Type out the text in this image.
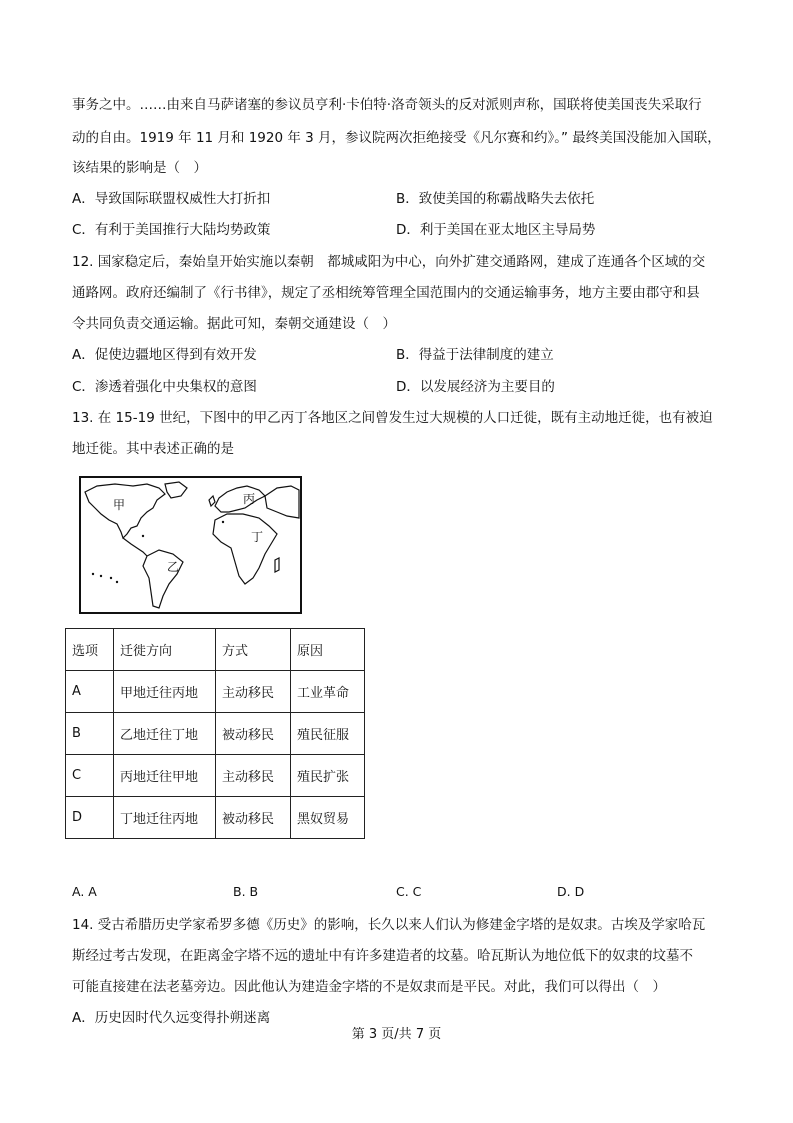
事务之中。……由来自马萨诸塞的参议员亨利·卡伯特·洛奇领头的反对派则声称，国联将使美国丧失采取行
动的自由。1919 年 11 月和 1920 年 3 月，参议院两次拒绝接受《凡尔赛和约》。” 最终美国没能加入国联，
该结果的影响是（　）
A．导致国际联盟权威性大打折扣	B．致使美国的称霸战略失去依托
C．有利于美国推行大陆均势政策	D．利于美国在亚太地区主导局势
12. 国家稳定后，秦始皇开始实施以秦朝　都城咸阳为中心，向外扩建交通路网，建成了连通各个区域的交
通路网。政府还编制了《行书律》，规定了丞相统筹管理全国范围内的交通运输事务，地方主要由郡守和县
令共同负责交通运输。据此可知，秦朝交通建设（　）
A．促使边疆地区得到有效开发	B．得益于法律制度的建立
C．渗透着强化中央集权的意图	D．以发展经济为主要目的
13. 在 15-19 世纪，下图中的甲乙丙丁各地区之间曾发生过大规模的人口迁徙，既有主动地迁徙，也有被迫
地迁徙。其中表述正确的是
甲
乙
丙
丁
选项	迁徙方向	方式	原因
A	甲地迁往丙地	主动移民	工业革命
B	乙地迁往丁地	被动移民	殖民征服
C	丙地迁往甲地	主动移民	殖民扩张
D	丁地迁往丙地	被动移民	黑奴贸易
A. A	B. B	C. C	D. D
14. 受古希腊历史学家希罗多德《历史》的影响，长久以来人们认为修建金字塔的是奴隶。古埃及学家哈瓦
斯经过考古发现，在距离金字塔不远的遗址中有许多建造者的坟墓。哈瓦斯认为地位低下的奴隶的坟墓不
可能直接建在法老墓旁边。因此他认为建造金字塔的不是奴隶而是平民。对此，我们可以得出（　）
A．历史因时代久远变得扑朔迷离
第 3 页/共 7 页
